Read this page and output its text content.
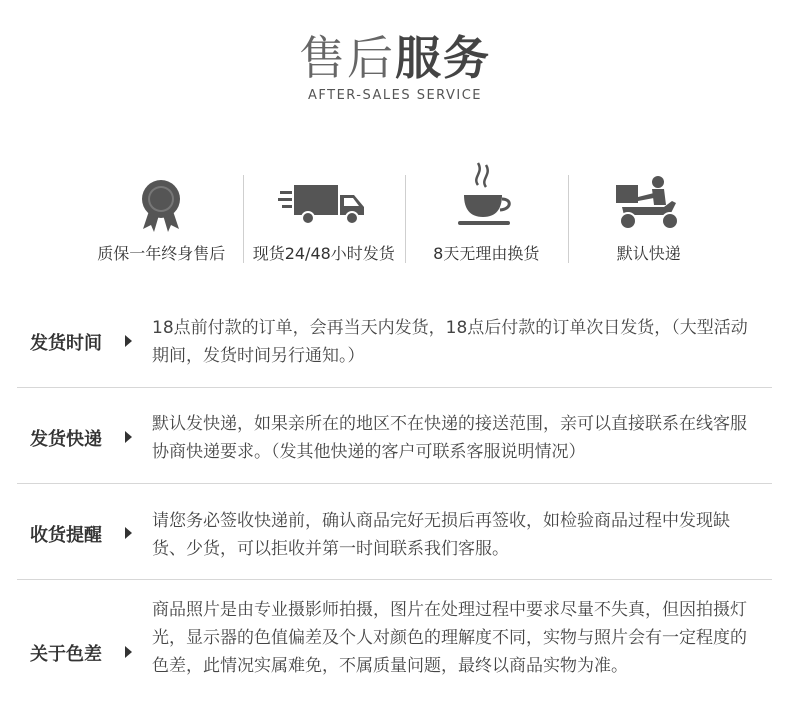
售后服务
AFTER-SALES SERVICE
质保一年终身售后	现货24/48小时发货	8天无理由换货	默认快递
发货时间
18点前付款的订单，会再当天内发货，18点后付款的订单次日发货，（大型活动期间，发货时间另行通知。）
发货快递
默认发快递，如果亲所在的地区不在快递的接送范围，亲可以直接联系在线客服协商快递要求。（发其他快递的客户可联系客服说明情况）
收货提醒
请您务必签收快递前，确认商品完好无损后再签收，如检验商品过程中发现缺货、少货，可以拒收并第一时间联系我们客服。
关于色差
商品照片是由专业摄影师拍摄，图片在处理过程中要求尽量不失真，但因拍摄灯光，显示器的色值偏差及个人对颜色的理解度不同，实物与照片会有一定程度的色差，此情况实属难免，不属质量问题，最终以商品实物为准。
